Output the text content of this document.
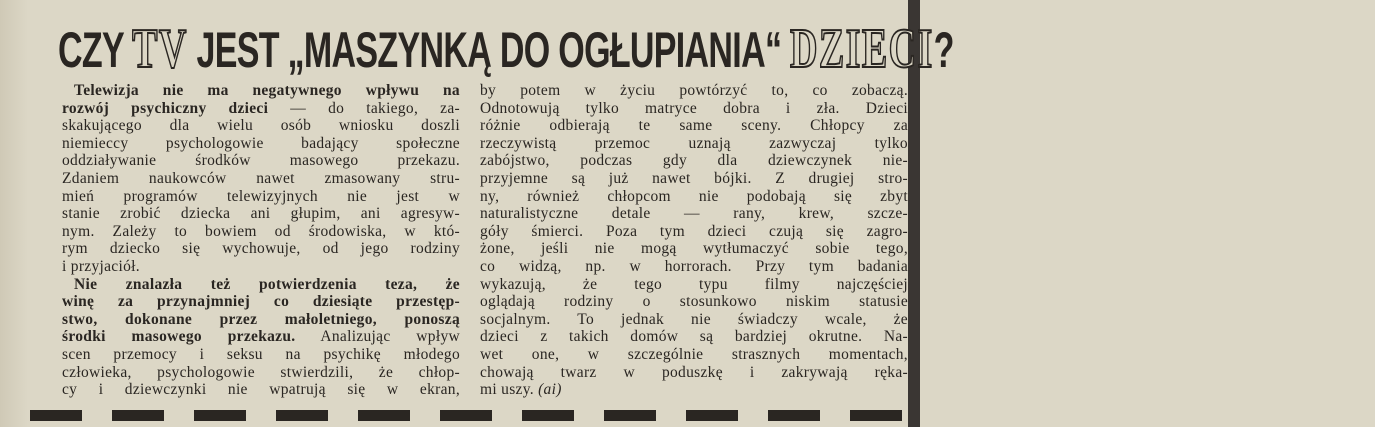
CZY TV JEST „MASZYNKĄ DO OGŁUPIANIA“ DZIECI?
Telewizja nie ma negatywnego wpływu na
rozwój psychiczny dzieci — do takiego, za-
skakującego dla wielu osób wniosku doszli
niemieccy psychologowie badający społeczne
oddziaływanie środków masowego przekazu.
Zdaniem naukowców nawet zmasowany stru-
mień programów telewizyjnych nie jest w
stanie zrobić dziecka ani głupim, ani agresyw-
nym. Zależy to bowiem od środowiska, w któ-
rym dziecko się wychowuje, od jego rodziny
i przyjaciół.
Nie znalazła też potwierdzenia teza, że
winę za przynajmniej co dziesiąte przestęp-
stwo, dokonane przez małoletniego, ponoszą
środki masowego przekazu. Analizując wpływ
scen przemocy i seksu na psychikę młodego
człowieka, psychologowie stwierdzili, że chłop-
cy i dziewczynki nie wpatrują się w ekran,
by potem w życiu powtórzyć to, co zobaczą.
Odnotowują tylko matryce dobra i zła. Dzieci
różnie odbierają te same sceny. Chłopcy za
rzeczywistą przemoc uznają zazwyczaj tylko
zabójstwo, podczas gdy dla dziewczynek nie-
przyjemne są już nawet bójki. Z drugiej stro-
ny, również chłopcom nie podobają się zbyt
naturalistyczne detale — rany, krew, szcze-
góły śmierci. Poza tym dzieci czują się zagro-
żone, jeśli nie mogą wytłumaczyć sobie tego,
co widzą, np. w horrorach. Przy tym badania
wykazują, że tego typu filmy najczęściej
oglądają rodziny o stosunkowo niskim statusie
socjalnym. To jednak nie świadczy wcale, że
dzieci z takich domów są bardziej okrutne. Na-
wet one, w szczególnie strasznych momentach,
chowają twarz w poduszkę i zakrywają ręka-
mi uszy. (ai)
